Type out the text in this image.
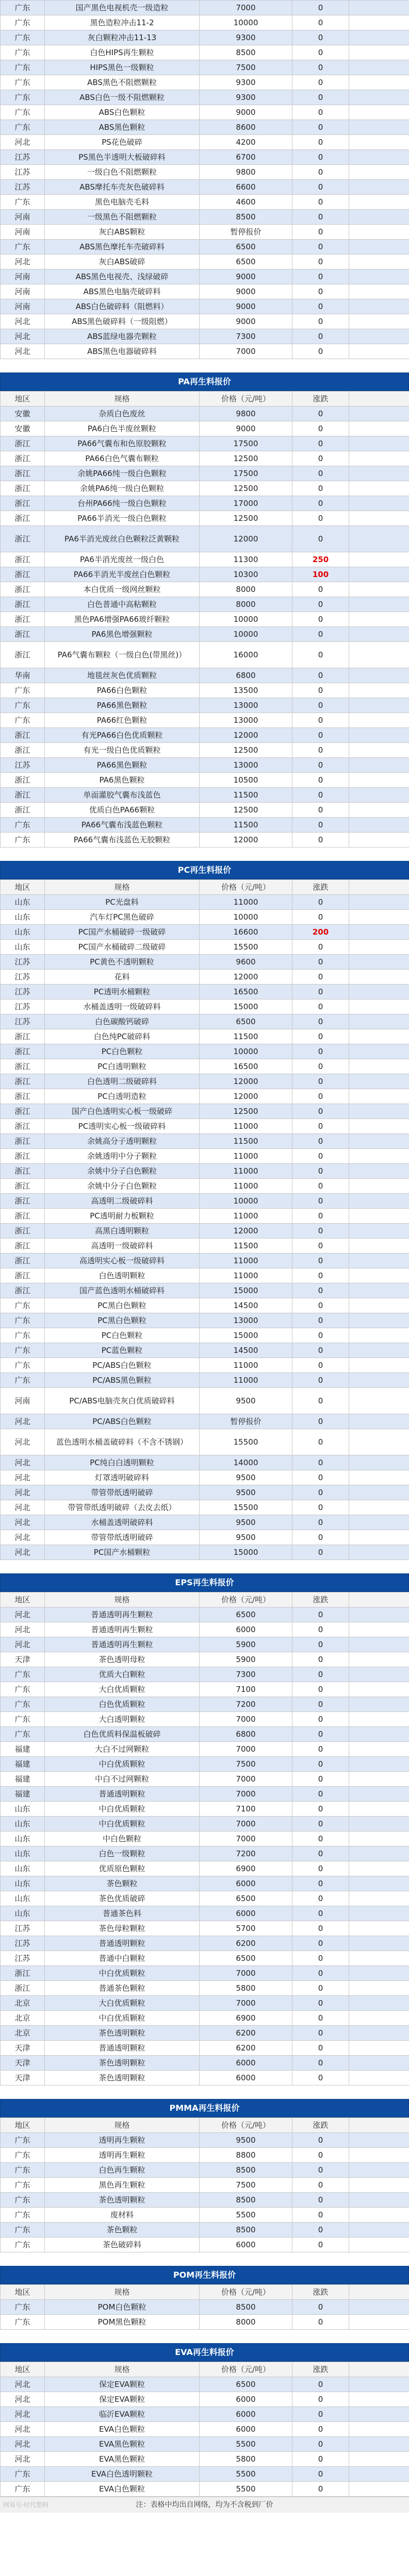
广东	国产黑色电视机壳一级造粒	7000	0	
广东	黑色造粒冲击11-2	10000	0	
广东	灰白颗粒冲击11-13	9300	0	
广东	白色HIPS再生颗粒	8500	0	
广东	HIPS黑色一级颗粒	7500	0	
广东	ABS黑色不阻燃颗粒	9300	0	
广东	ABS白色一级不阻燃颗粒	9300	0	
广东	ABS白色颗粒	9000	0	
广东	ABS黑色颗粒	8600	0	
河北	PS花色破碎	4200	0	
江苏	PS黑色半透明大板破碎料	6700	0	
江苏	一级白色不阻燃颗粒	9800	0	
江苏	ABS摩托车壳灰色破碎料	6600	0	
广东	黑色电脑壳毛料	4600	0	
河南	一级黑色不阻燃颗粒	8500	0	
河南	灰白ABS颗粒	暂停报价	0	
广东	ABS黑色摩托车壳破碎料	6500	0	
河北	灰白ABS破碎	6500	0	
河南	ABS黑色电视壳、浅绿破碎	9000	0	
河南	ABS黑色电脑壳破碎料	9000	0	
河南	ABS白色破碎料（阻燃料）	9000	0	
河北	ABS黑色破碎料（一级阻燃）	9000	0	
河北	ABS蓝绿电器壳颗粒	7300	0	
河北	ABS黑色电器破碎料	7000	0	
PA再生料报价
地区	规格	价格（元/吨）	涨跌	
安徽	杂质白色废丝	9800	0	
安徽	PA6白色半废丝颗粒	9000	0	
浙江	PA66气囊布和色原胶颗粒	17500	0	
浙江	PA66白色气囊布颗粒	12500	0	
浙江	余姚PA66纯一级白色颗粒	17500	0	
浙江	余姚PA6纯一级白色颗粒	12500	0	
浙江	台州PA66纯一级白色颗粒	17000	0	
浙江	PA66半消光一级白色颗粒	12500	0	
浙江	PA6半消光废丝白色颗粒泛黄颗粒	12000	0	
浙江	PA6半消光废丝一级白色	11300	250	
浙江	PA66半消光半废丝白色颗粒	10300	100	
浙江	本白优质一级网丝颗粒	8000	0	
浙江	白色普通中高粘颗粒	8000	0	
浙江	黑色PA6增强PA66玻纤颗粒	10000	0	
浙江	PA6黑色增强颗粒	10000	0	
浙江	PA6气囊布颗粒（一级白色(带黑丝)）	16000	0	
华南	地毯丝灰色优质颗粒	6800	0	
广东	PA66白色颗粒	13500	0	
广东	PA66黑色颗粒	13000	0	
广东	PA66红色颗粒	13000	0	
浙江	有光PA66白色优质颗粒	12000	0	
浙江	有光一级白色优质颗粒	12500	0	
江苏	PA66黑色颗粒	13000	0	
浙江	PA6黑色颗粒	10500	0	
浙江	单面灌胶气囊布浅蓝色	11500	0	
浙江	优质白色PA66颗粒	12500	0	
广东	PA66气囊布浅蓝色颗粒	11500	0	
广东	PA66气囊布浅蓝色无胶颗粒	12000	0	
PC再生料报价
地区	规格	价格（元/吨）	涨跌	
山东	PC光盘料	11000	0	
山东	汽车灯PC黑色破碎	10000	0	
山东	PC国产水桶破碎一级破碎	16600	200	
山东	PC国产水桶破碎二级破碎	15500	0	
江苏	PC黄色不透明颗粒	9600	0	
江苏	花料	12000	0	
江苏	PC透明水桶颗粒	16500	0	
江苏	水桶盖透明一级破碎料	15000	0	
江苏	白色碳酸钙破碎	6500	0	
浙江	白色纯PC破碎料	11500	0	
浙江	PC白色颗粒	10000	0	
浙江	PC白透明颗粒	16500	0	
浙江	白色透明二级破碎料	12000	0	
浙江	PC白透明造粒	12000	0	
浙江	国产白色透明实心板一级破碎	12500	0	
浙江	PC透明实心板一级破碎料	11000	0	
浙江	余姚高分子透明颗粒	11500	0	
浙江	余姚透明中分子颗粒	11000	0	
浙江	余姚中分子白色颗粒	11000	0	
浙江	余姚中分子白色颗粒	11000	0	
浙江	高透明二级破碎料	10000	0	
浙江	PC透明耐力板颗粒	11000	0	
浙江	高黑白透明颗粒	12000	0	
浙江	高透明一级破碎料	11500	0	
浙江	高透明实心板一级破碎料	11000	0	
浙江	白色透明颗粒	11000	0	
浙江	国产蓝色透明水桶破碎料	15000	0	
广东	PC黑白色颗粒	14500	0	
广东	PC黑白色颗粒	13000	0	
广东	PC白色颗粒	15000	0	
广东	PC蓝色颗粒	14500	0	
广东	PC/ABS白色颗粒	11000	0	
广东	PC/ABS黑色颗粒	11000	0	
河南	PC/ABS电脑壳灰白优质破碎料	9500	0	
河北	PC/ABS白色颗粒	暂停报价	0	
河北	蓝色透明水桶盖破碎料（不含不锈钢）	15500	0	
河北	PC纯白白透明颗粒	14000	0	
河北	灯罩透明破碎料	9500	0	
河北	带管带纸透明破碎	9500	0	
河北	带管带纸透明破碎（去皮去纸）	15500	0	
河北	水桶盖透明破碎料	9500	0	
河北	带管带纸透明破碎	9500	0	
河北	PC国产水桶颗粒	15000	0	
EPS再生料报价
地区	规格	价格（元/吨）	涨跌	
河北	普通透明再生颗粒	6500	0	
河北	普通透明再生颗粒	6000	0	
河北	普通透明再生颗粒	5900	0	
天津	茶色透明母粒	5900	0	
广东	优质大白颗粒	7300	0	
广东	大白优质颗粒	7100	0	
广东	白色优质颗粒	7200	0	
广东	大白透明颗粒	7000	0	
广东	白色优质料保温板破碎	6800	0	
福建	大白不过网颗粒	7000	0	
福建	中白优质颗粒	7500	0	
福建	中白不过网颗粒	7000	0	
福建	普通透明颗粒	7000	0	
山东	中白优质颗粒	7100	0	
山东	中白优质颗粒	7000	0	
山东	中白色颗粒	7000	0	
山东	白色一级颗粒	7200	0	
山东	优质原色颗粒	6900	0	
山东	茶色颗粒	6000	0	
山东	茶色优质破碎	6500	0	
山东	普通茶色料	6000	0	
江苏	茶色母粒颗粒	5700	0	
江苏	普通透明颗粒	6200	0	
江苏	普通中白颗粒	6500	0	
浙江	中白优质颗粒	7000	0	
浙江	普通茶色颗粒	5800	0	
北京	大白优质颗粒	7000	0	
北京	中白优质颗粒	6900	0	
北京	茶色透明颗粒	6200	0	
天津	普通透明颗粒	6200	0	
天津	茶色透明颗粒	6000	0	
天津	茶色透明颗粒	6000	0	
PMMA再生料报价
地区	规格	价格（元/吨）	涨跌	
广东	透明再生颗粒	9500	0	
广东	透明再生颗粒	8800	0	
广东	白色再生颗粒	8500	0	
广东	黑色再生颗粒	7500	0	
广东	茶色透明颗粒	8500	0	
广东	废材料	5500	0	
广东	茶色颗粒	8500	0	
广东	茶色破碎料	6000	0	
POM再生料报价
地区	规格	价格（元/吨）	涨跌	
广东	POM白色颗粒	8500	0	
广东	POM黑色颗粒	8000	0	
EVA再生料报价
地区	规格	价格（元/吨）	涨跌	
河北	保定EVA颗粒	6500	0	
河北	保定EVA颗粒	6000	0	
河北	临沂EVA颗粒	6000	0	
河北	EVA白色颗粒	6000	0	
河北	EVA黑色颗粒	5500	0	
河北	EVA黑色颗粒	5800	0	
广东	EVA白色透明颗粒	5500	0	
广东	EVA白色颗粒	5500	0	
网易号·时代塑料	注：表格中均出自网络，均为不含税到厂价
